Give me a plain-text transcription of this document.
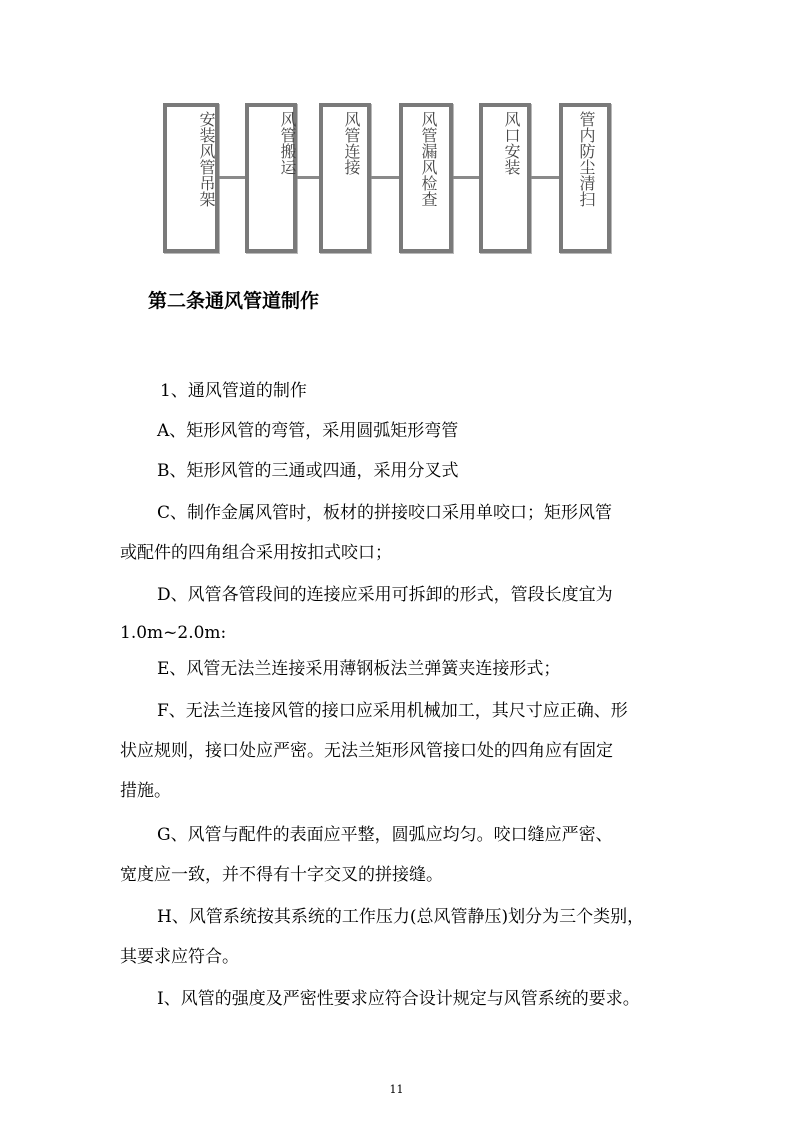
安装风管吊架	风管搬运	风管连接	风管漏风检查	风口安装	管内防尘清扫
第二条通风管道制作

1、通风管道的制作

A、矩形风管的弯管，采用圆弧矩形弯管

B、矩形风管的三通或四通，采用分叉式

C、制作金属风管时，板材的拼接咬口采用单咬口；矩形风管

或配件的四角组合采用按扣式咬口；

D、风管各管段间的连接应采用可拆卸的形式，管段长度宜为

1.0m~2.0m:

E、风管无法兰连接采用薄钢板法兰弹簧夹连接形式；

F、无法兰连接风管的接口应采用机械加工，其尺寸应正确、形

状应规则，接口处应严密。无法兰矩形风管接口处的四角应有固定

措施。

G、风管与配件的表面应平整，圆弧应均匀。咬口缝应严密、

宽度应一致，并不得有十字交叉的拼接缝。

H、风管系统按其系统的工作压力(总风管静压)划分为三个类别，

其要求应符合。

I、风管的强度及严密性要求应符合设计规定与风管系统的要求。

11
